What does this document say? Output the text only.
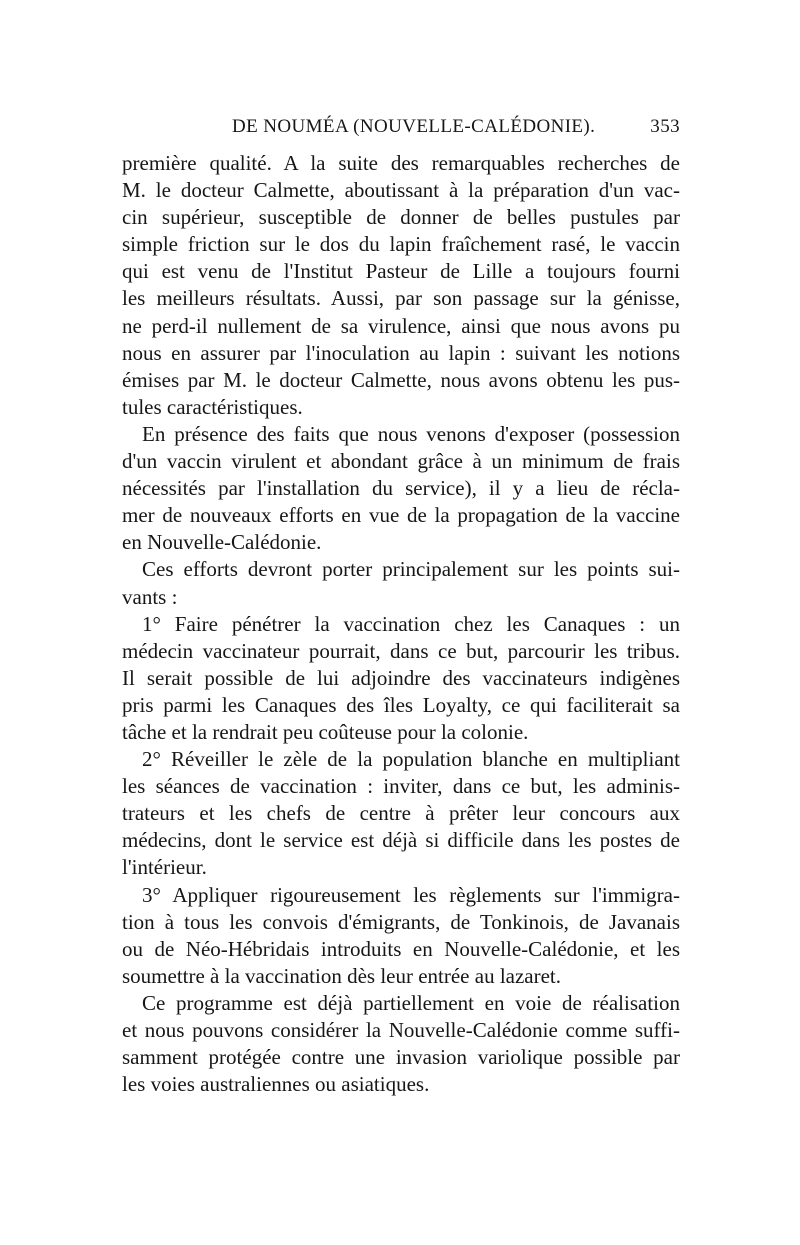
DE NOUMÉA (NOUVELLE-CALÉDONIE).	353
première qualité. A la suite des remarquables recherches de
M. le docteur Calmette, aboutissant à la préparation d'un vac-
cin supérieur, susceptible de donner de belles pustules par
simple friction sur le dos du lapin fraîchement rasé, le vaccin
qui est venu de l'Institut Pasteur de Lille a toujours fourni
les meilleurs résultats. Aussi, par son passage sur la génisse,
ne perd-il nullement de sa virulence, ainsi que nous avons pu
nous en assurer par l'inoculation au lapin : suivant les notions
émises par M. le docteur Calmette, nous avons obtenu les pus-
tules caractéristiques.
En présence des faits que nous venons d'exposer (possession
d'un vaccin virulent et abondant grâce à un minimum de frais
nécessités par l'installation du service), il y a lieu de récla-
mer de nouveaux efforts en vue de la propagation de la vaccine
en Nouvelle-Calédonie.
Ces efforts devront porter principalement sur les points sui-
vants :
1° Faire pénétrer la vaccination chez les Canaques : un
médecin vaccinateur pourrait, dans ce but, parcourir les tribus.
Il serait possible de lui adjoindre des vaccinateurs indigènes
pris parmi les Canaques des îles Loyalty, ce qui faciliterait sa
tâche et la rendrait peu coûteuse pour la colonie.
2° Réveiller le zèle de la population blanche en multipliant
les séances de vaccination : inviter, dans ce but, les adminis-
trateurs et les chefs de centre à prêter leur concours aux
médecins, dont le service est déjà si difficile dans les postes de
l'intérieur.
3° Appliquer rigoureusement les règlements sur l'immigra-
tion à tous les convois d'émigrants, de Tonkinois, de Javanais
ou de Néo-Hébridais introduits en Nouvelle-Calédonie, et les
soumettre à la vaccination dès leur entrée au lazaret.
Ce programme est déjà partiellement en voie de réalisation
et nous pouvons considérer la Nouvelle-Calédonie comme suffi-
samment protégée contre une invasion variolique possible par
les voies australiennes ou asiatiques.
